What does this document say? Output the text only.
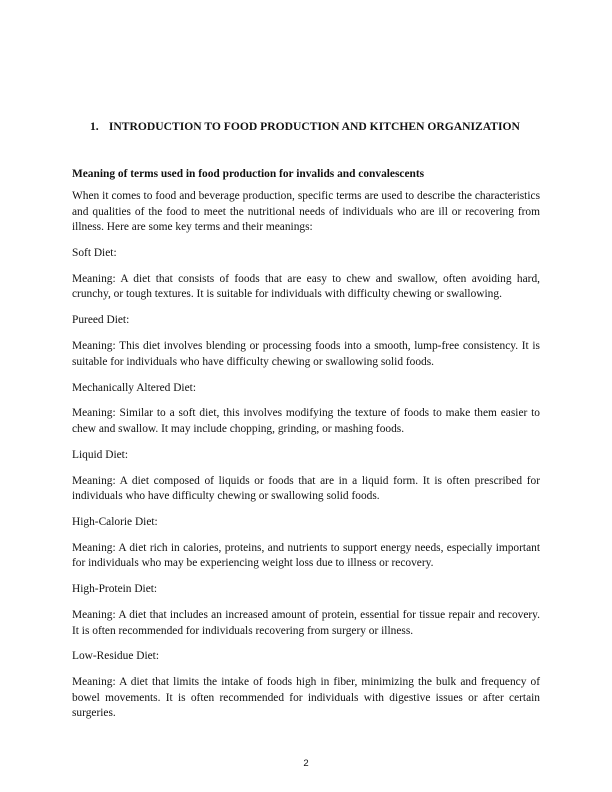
1. INTRODUCTION TO FOOD PRODUCTION AND KITCHEN ORGANIZATION
Meaning of terms used in food production for invalids and convalescents

When it comes to food and beverage production, specific terms are used to describe the characteristics and qualities of the food to meet the nutritional needs of individuals who are ill or recovering from illness. Here are some key terms and their meanings:

Soft Diet:

Meaning: A diet that consists of foods that are easy to chew and swallow, often avoiding hard, crunchy, or tough textures. It is suitable for individuals with difficulty chewing or swallowing.

Pureed Diet:

Meaning: This diet involves blending or processing foods into a smooth, lump-free consistency. It is suitable for individuals who have difficulty chewing or swallowing solid foods.

Mechanically Altered Diet:

Meaning: Similar to a soft diet, this involves modifying the texture of foods to make them easier to chew and swallow. It may include chopping, grinding, or mashing foods.

Liquid Diet:

Meaning: A diet composed of liquids or foods that are in a liquid form. It is often prescribed for individuals who have difficulty chewing or swallowing solid foods.

High-Calorie Diet:

Meaning: A diet rich in calories, proteins, and nutrients to support energy needs, especially important for individuals who may be experiencing weight loss due to illness or recovery.

High-Protein Diet:

Meaning: A diet that includes an increased amount of protein, essential for tissue repair and recovery. It is often recommended for individuals recovering from surgery or illness.

Low-Residue Diet:

Meaning: A diet that limits the intake of foods high in fiber, minimizing the bulk and frequency of bowel movements. It is often recommended for individuals with digestive issues or after certain surgeries.

2
